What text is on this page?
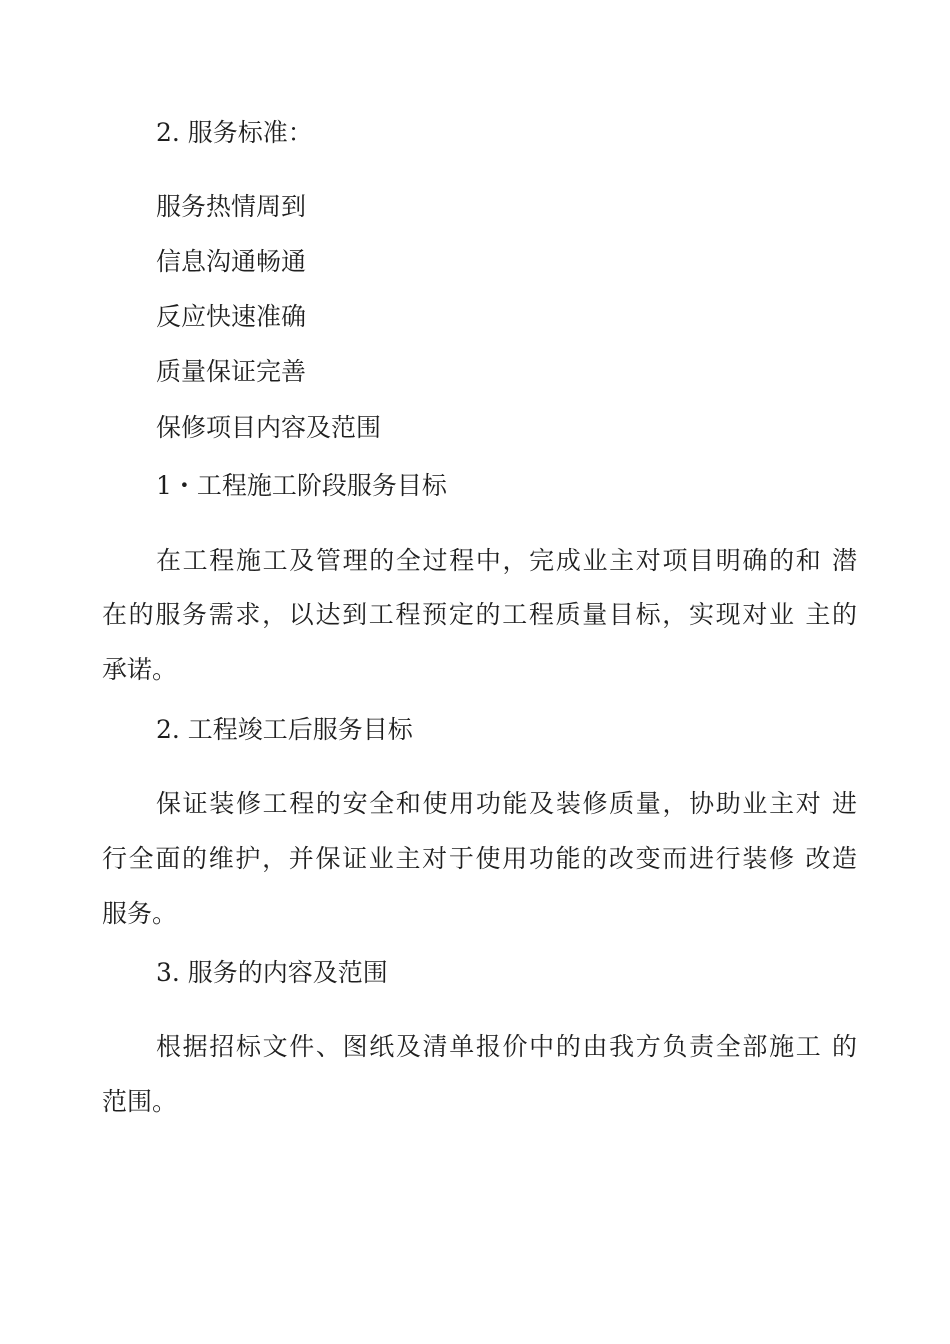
2. 服务标准：

服务热情周到

信息沟通畅通

反应快速准确

质量保证完善

保修项目内容及范围

1・工程施工阶段服务目标

在工程施工及管理的全过程中，完成业主对项目明确的和 潜

在的服务需求，以达到工程预定的工程质量目标，实现对业 主的

承诺。

2. 工程竣工后服务目标

保证装修工程的安全和使用功能及装修质量，协助业主对 进

行全面的维护，并保证业主对于使用功能的改变而进行装修 改造

服务。

3. 服务的内容及范围

根据招标文件、图纸及清单报价中的由我方负责全部施工 的

范围。
